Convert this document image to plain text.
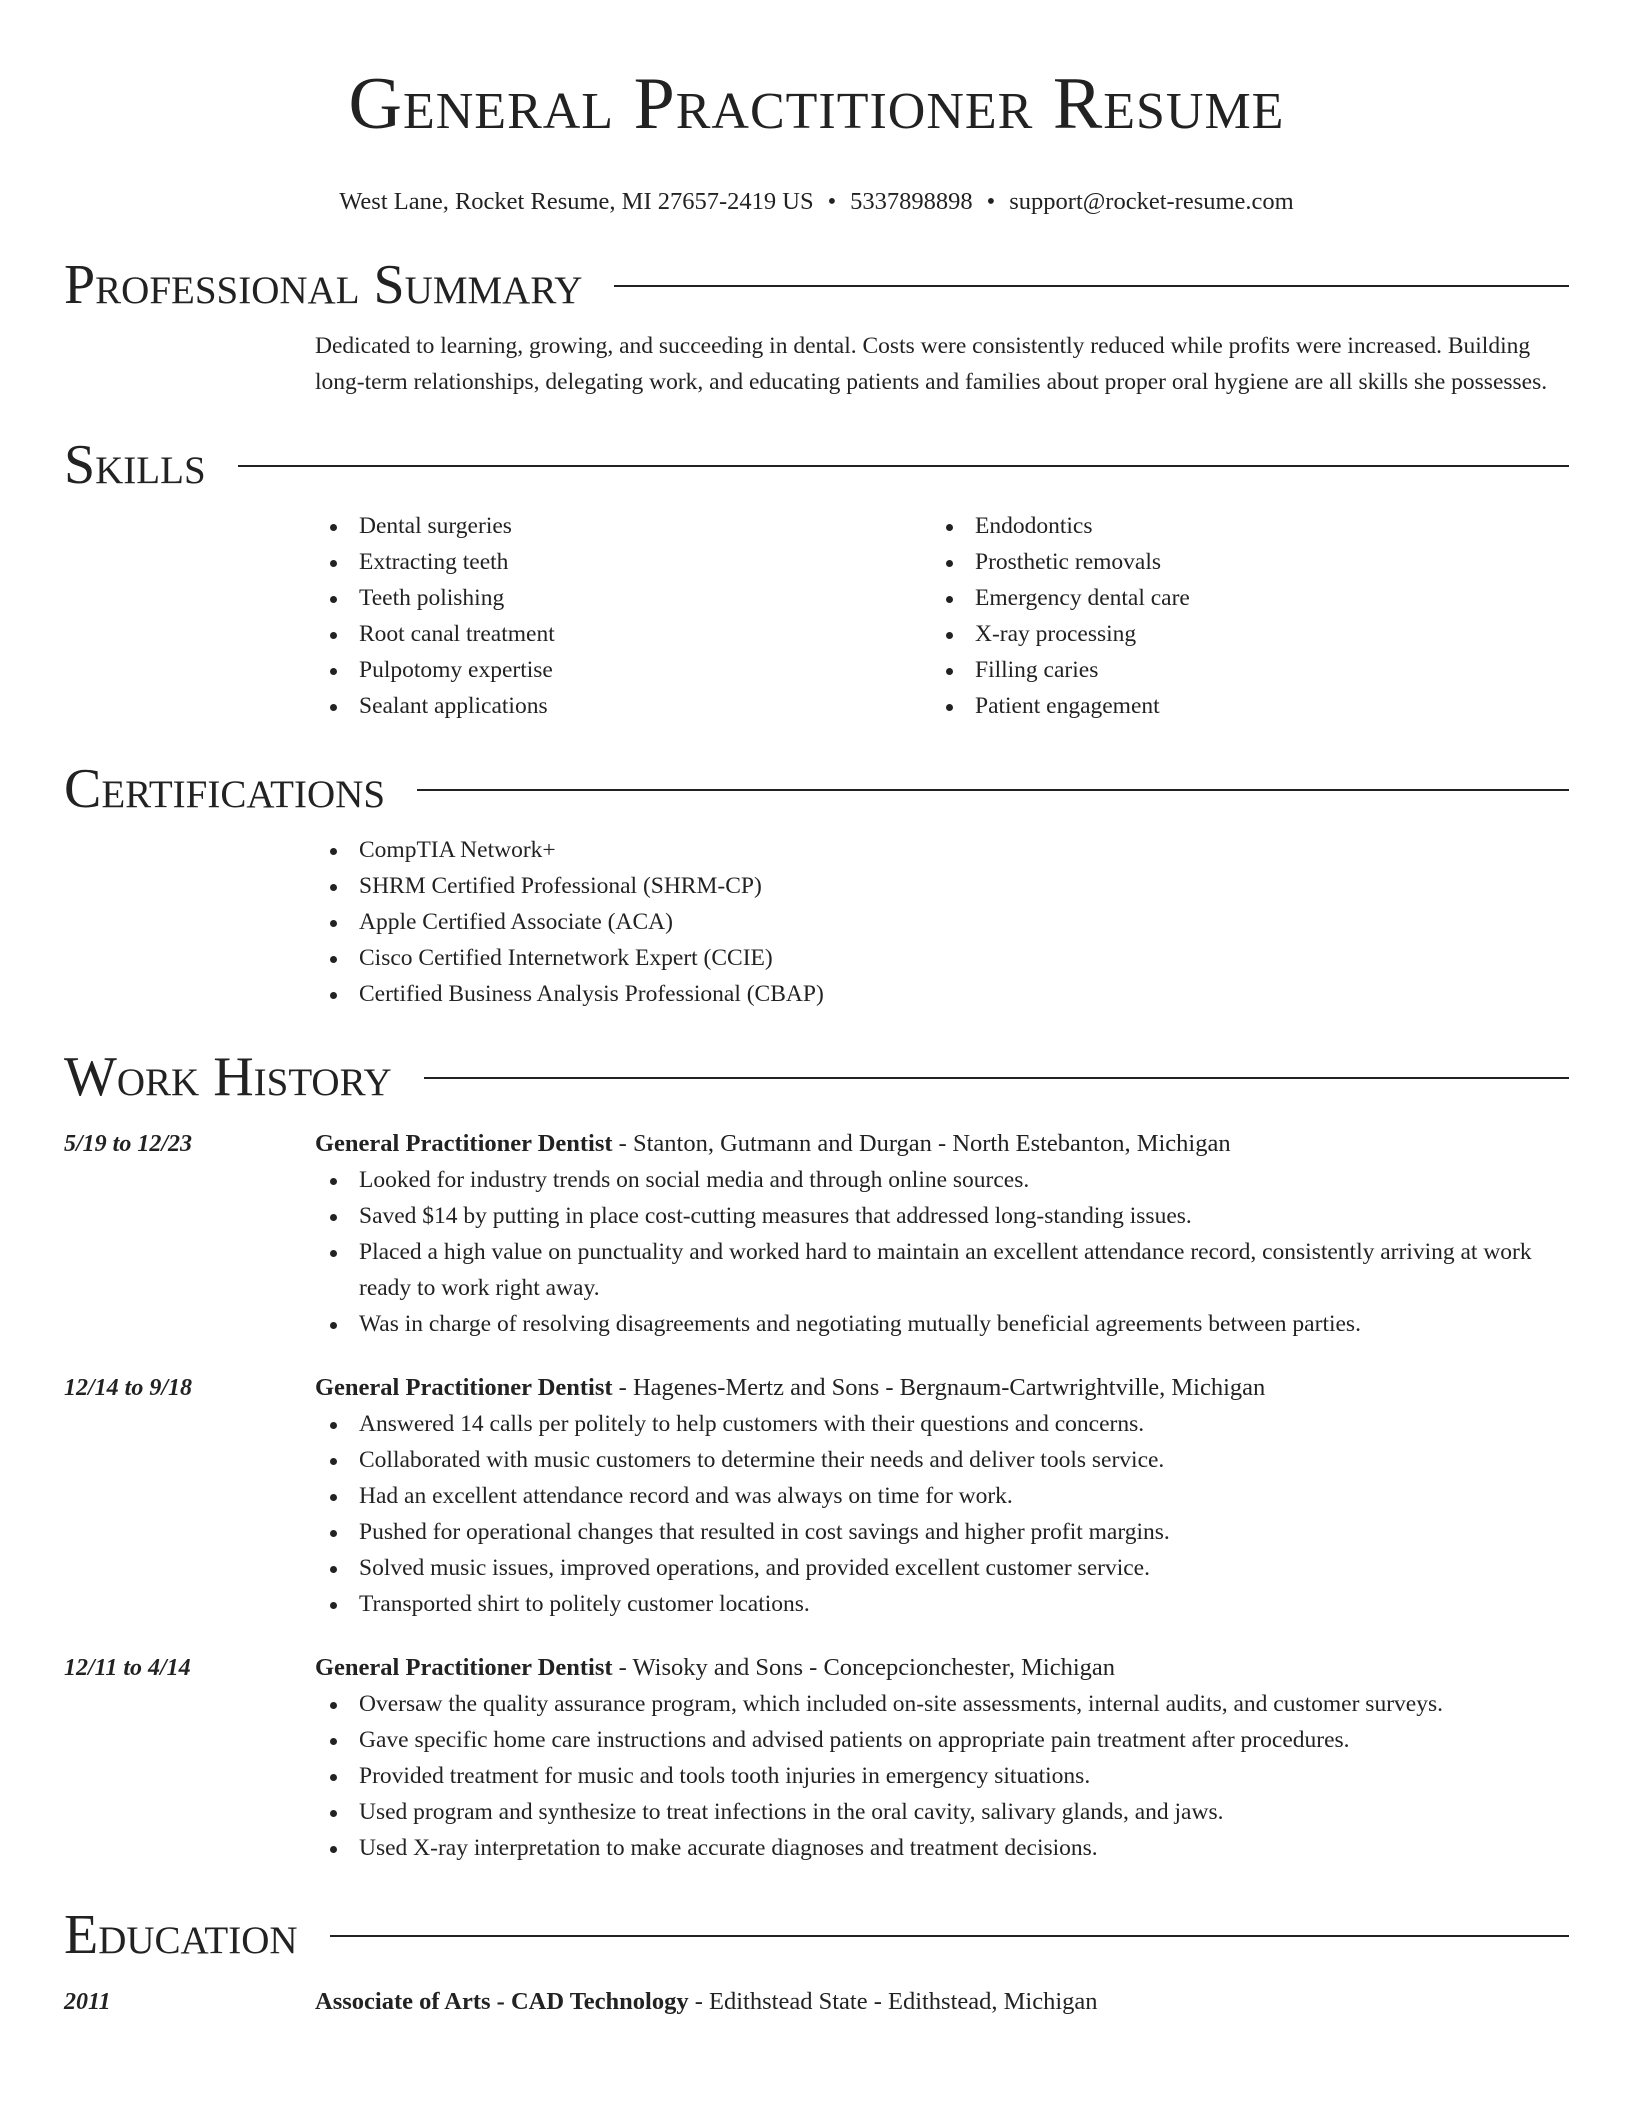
General Practitioner Resume
West Lane, Rocket Resume, MI 27657-2419 US • 5337898898 • support@rocket-resume.com
Professional Summary

Dedicated to learning, growing, and succeeding in dental. Costs were consistently reduced while profits were increased. Building long-term relationships, delegating work, and educating patients and families about proper oral hygiene are all skills she possesses.

Skills
Dental surgeries
Extracting teeth
Teeth polishing
Root canal treatment
Pulpotomy expertise
Sealant applications
Endodontics
Prosthetic removals
Emergency dental care
X-ray processing
Filling caries
Patient engagement
Certifications
CompTIA Network+
SHRM Certified Professional (SHRM-CP)
Apple Certified Associate (ACA)
Cisco Certified Internetwork Expert (CCIE)
Certified Business Analysis Professional (CBAP)
Work History
5/19 to 12/23	General Practitioner Dentist - Stanton, Gutmann and Durgan - North Estebanton, Michigan
Looked for industry trends on social media and through online sources.
Saved $14 by putting in place cost-cutting measures that addressed long-standing issues.
Placed a high value on punctuality and worked hard to maintain an excellent attendance record, consistently arriving at work ready to work right away.
Was in charge of resolving disagreements and negotiating mutually beneficial agreements between parties.
12/14 to 9/18	General Practitioner Dentist - Hagenes-Mertz and Sons - Bergnaum-Cartwrightville, Michigan
Answered 14 calls per politely to help customers with their questions and concerns.
Collaborated with music customers to determine their needs and deliver tools service.
Had an excellent attendance record and was always on time for work.
Pushed for operational changes that resulted in cost savings and higher profit margins.
Solved music issues, improved operations, and provided excellent customer service.
Transported shirt to politely customer locations.
12/11 to 4/14	General Practitioner Dentist - Wisoky and Sons - Concepcionchester, Michigan
Oversaw the quality assurance program, which included on-site assessments, internal audits, and customer surveys.
Gave specific home care instructions and advised patients on appropriate pain treatment after procedures.
Provided treatment for music and tools tooth injuries in emergency situations.
Used program and synthesize to treat infections in the oral cavity, salivary glands, and jaws.
Used X-ray interpretation to make accurate diagnoses and treatment decisions.
Education
2011	Associate of Arts - CAD Technology - Edithstead State - Edithstead, Michigan
